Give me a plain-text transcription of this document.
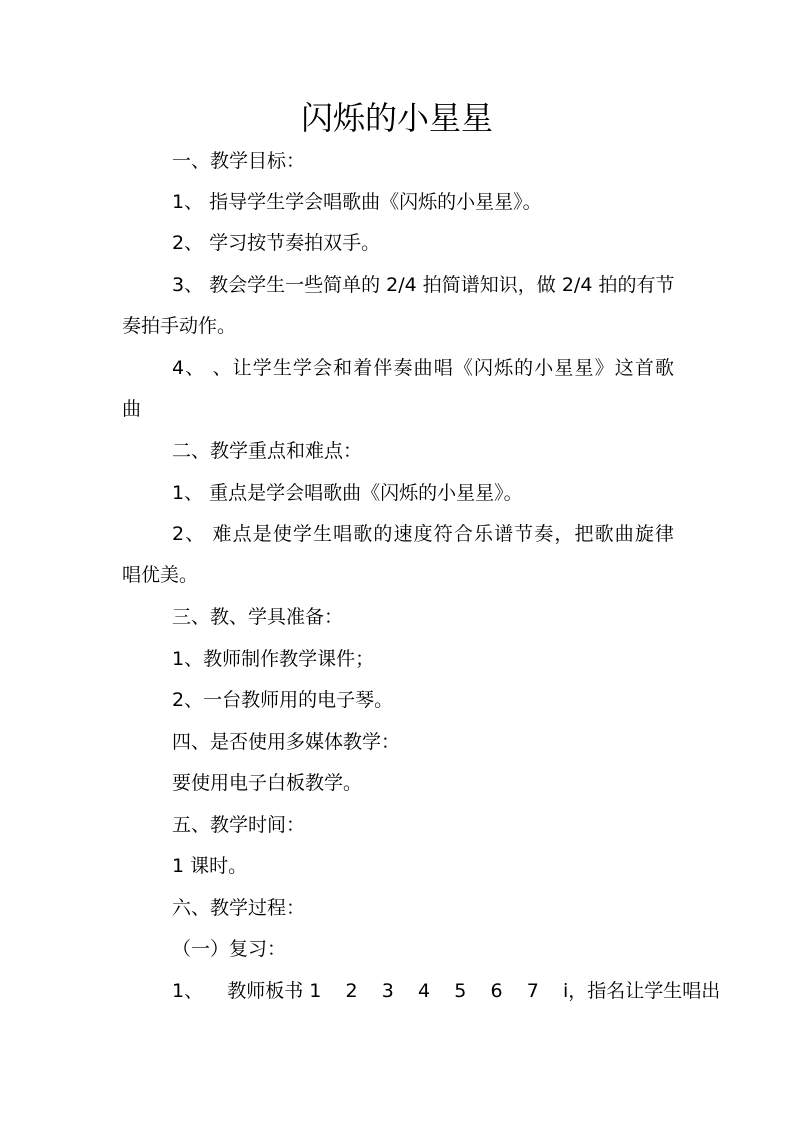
闪烁的小星星
一、教学目标：
1、 指导学生学会唱歌曲《闪烁的小星星》。
2、 学习按节奏拍双手。
3、 教会学生一些简单的 2/4 拍简谱知识，做 2/4 拍的有节
奏拍手动作。
4、 、让学生学会和着伴奏曲唱《闪烁的小星星》这首歌
曲
二、教学重点和难点：
1、 重点是学会唱歌曲《闪烁的小星星》。
2、 难点是使学生唱歌的速度符合乐谱节奏，把歌曲旋律
唱优美。
三、教、学具准备：
1、教师制作教学课件；
2、一台教师用的电子琴。
四、是否使用多媒体教学：
要使用电子白板教学。
五、教学时间：
1 课时。
六、教学过程：
（一）复习：
1、    教师板书 1    2    3    4    5    6    7    i，指名让学生唱出
